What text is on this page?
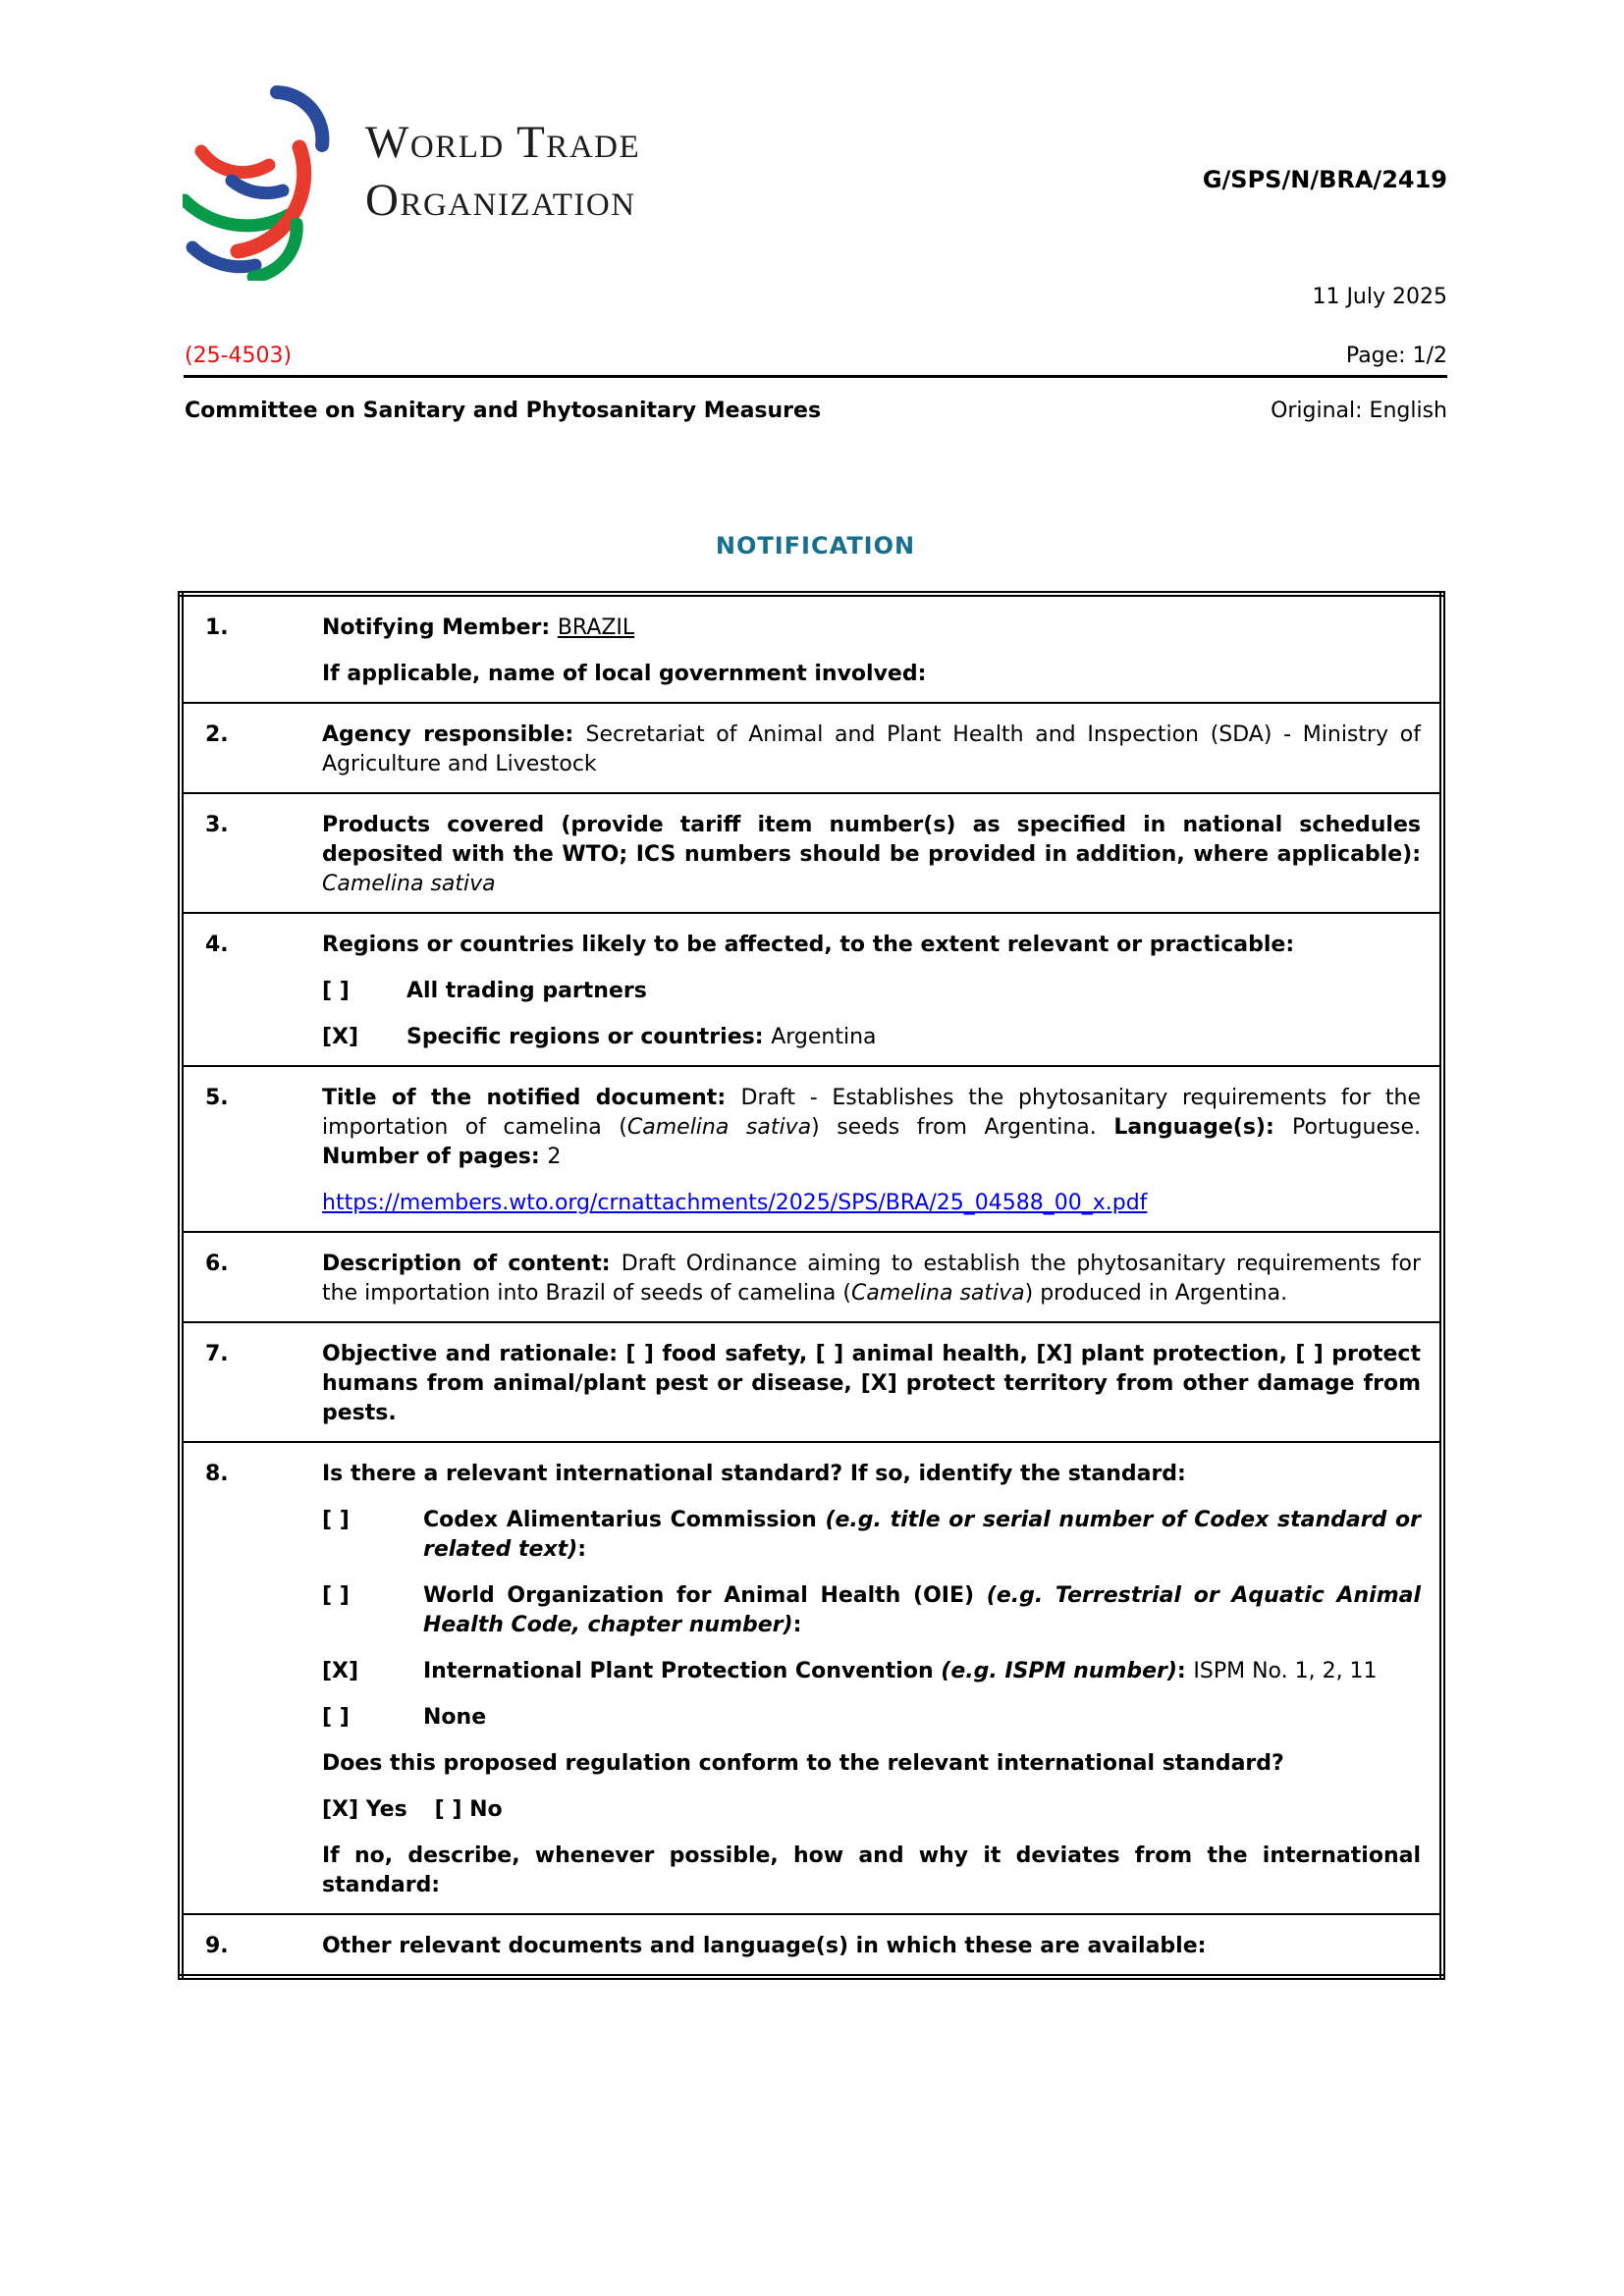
World Trade
Organization	G/SPS/N/BRA/2419
11 July 2025
(25-4503)	Page: 1/2
Committee on Sanitary and Phytosanitary Measures	Original: English
NOTIFICATION
1.	Notifying Member: BRAZIL
If applicable, name of local government involved:

2.	Agency responsible: Secretariat of Animal and Plant Health and Inspection (SDA) - Ministry of Agriculture and Livestock

3.	Products covered (provide tariff item number(s) as specified in national schedules deposited with the WTO; ICS numbers should be provided in addition, where applicable): Camelina sativa

4.	Regions or countries likely to be affected, to the extent relevant or practicable:
[ ] All trading partners
[X] Specific regions or countries: Argentina

5.	Title of the notified document: Draft - Establishes the phytosanitary requirements for the importation of camelina (Camelina sativa) seeds from Argentina. Language(s): Portuguese. Number of pages: 2
https://members.wto.org/crnattachments/2025/SPS/BRA/25_04588_00_x.pdf

6.	Description of content: Draft Ordinance aiming to establish the phytosanitary requirements for the importation into Brazil of seeds of camelina (Camelina sativa) produced in Argentina.

7.	Objective and rationale: [ ] food safety, [ ] animal health, [X] plant protection, [ ] protect humans from animal/plant pest or disease, [X] protect territory from other damage from pests.

8.	Is there a relevant international standard? If so, identify the standard:
[ ]	Codex Alimentarius Commission (e.g. title or serial number of Codex standard or related text):
[ ]	World Organization for Animal Health (OIE) (e.g. Terrestrial or Aquatic Animal Health Code, chapter number):
[X]	International Plant Protection Convention (e.g. ISPM number): ISPM No. 1, 2, 11
[ ]	None
Does this proposed regulation conform to the relevant international standard?
[X] Yes [ ] No
If no, describe, whenever possible, how and why it deviates from the international standard:

9.	Other relevant documents and language(s) in which these are available:
